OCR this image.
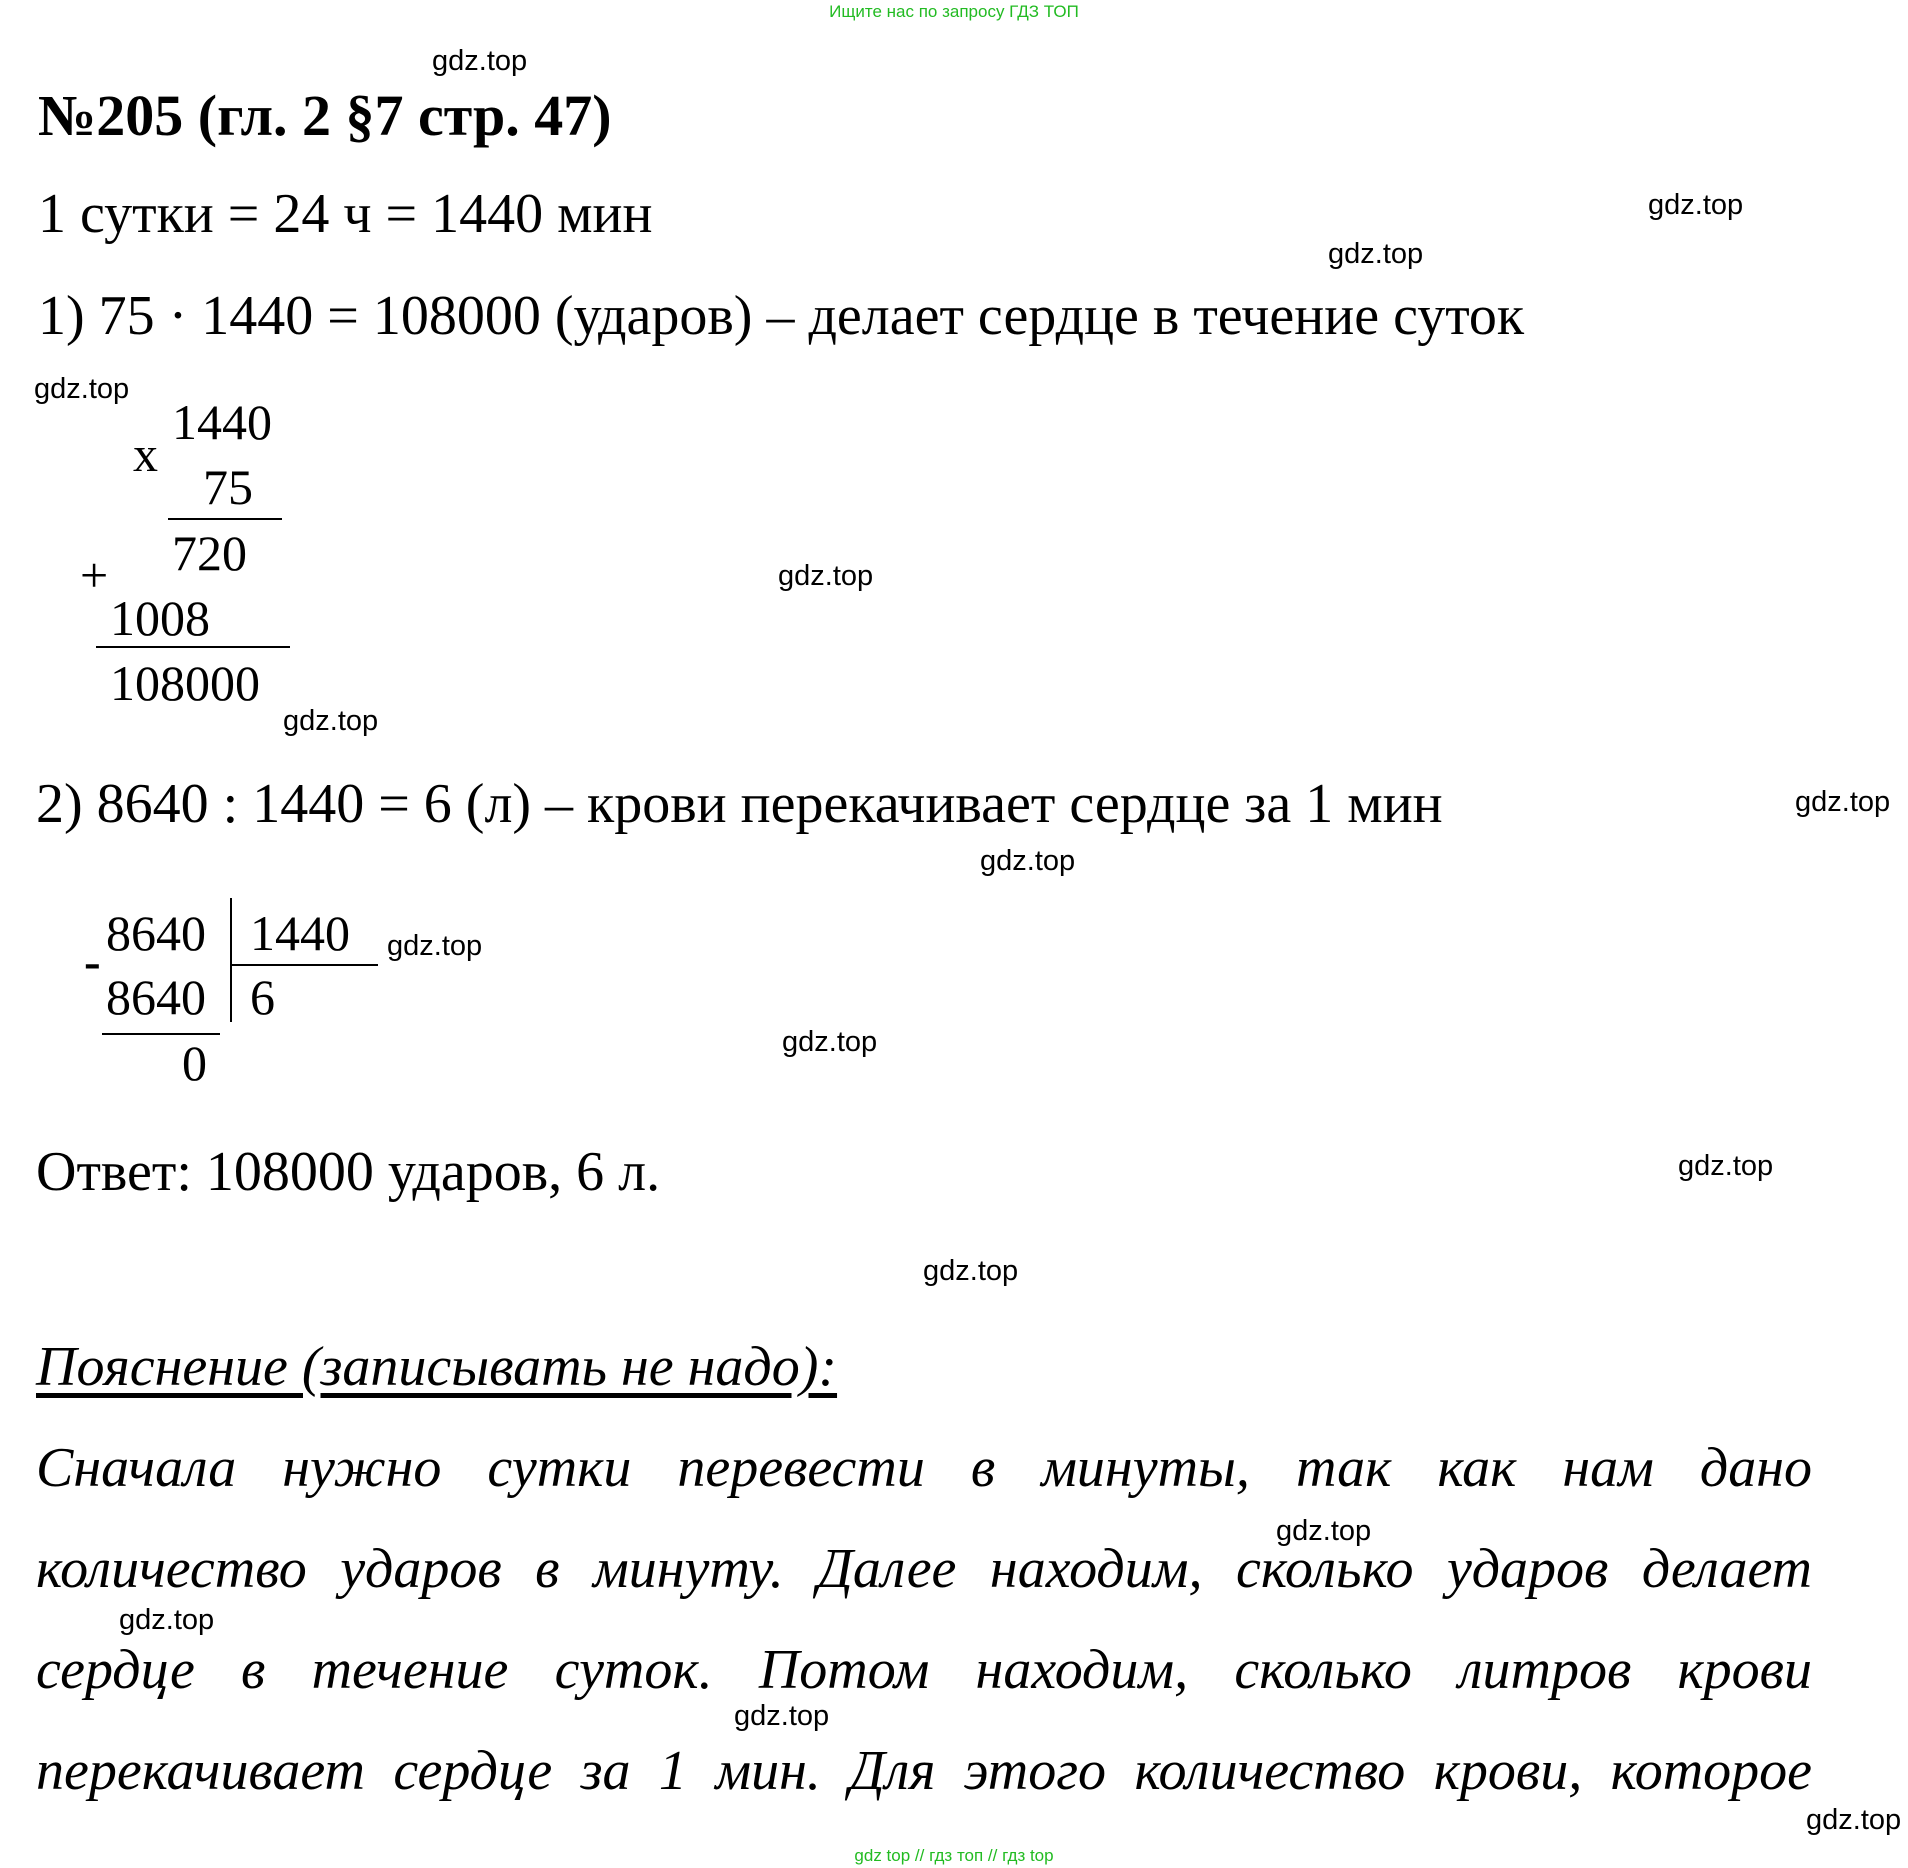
Ищите нас по запросу ГДЗ ТОП
№205 (гл. 2 §7 стр. 47)
1 сутки = 24 ч = 1440 мин
1) 75 · 1440 = 108000 (ударов) – делает сердце в течение суток
x
1440
75
720
+
1008
108000
2) 8640 : 1440 = 6 (л) – крови перекачивает сердце за 1 мин
- 8640 1440
8640 6
0
Ответ: 108000 ударов, 6 л.
Пояснение (записывать не надо):
Сначала нужно сутки перевести в минуты, так как нам дано
количество ударов в минуту. Далее находим, сколько ударов делает
сердце в течение суток. Потом находим, сколько литров крови
перекачивает сердце за 1 мин. Для этого количество крови, которое
gdz.top
gdz.top
gdz.top
gdz.top
gdz.top
gdz.top
gdz.top
gdz.top
gdz.top
gdz.top
gdz.top
gdz.top
gdz.top
gdz.top
gdz.top
gdz.top
gdz top // гдз топ // гдз top
